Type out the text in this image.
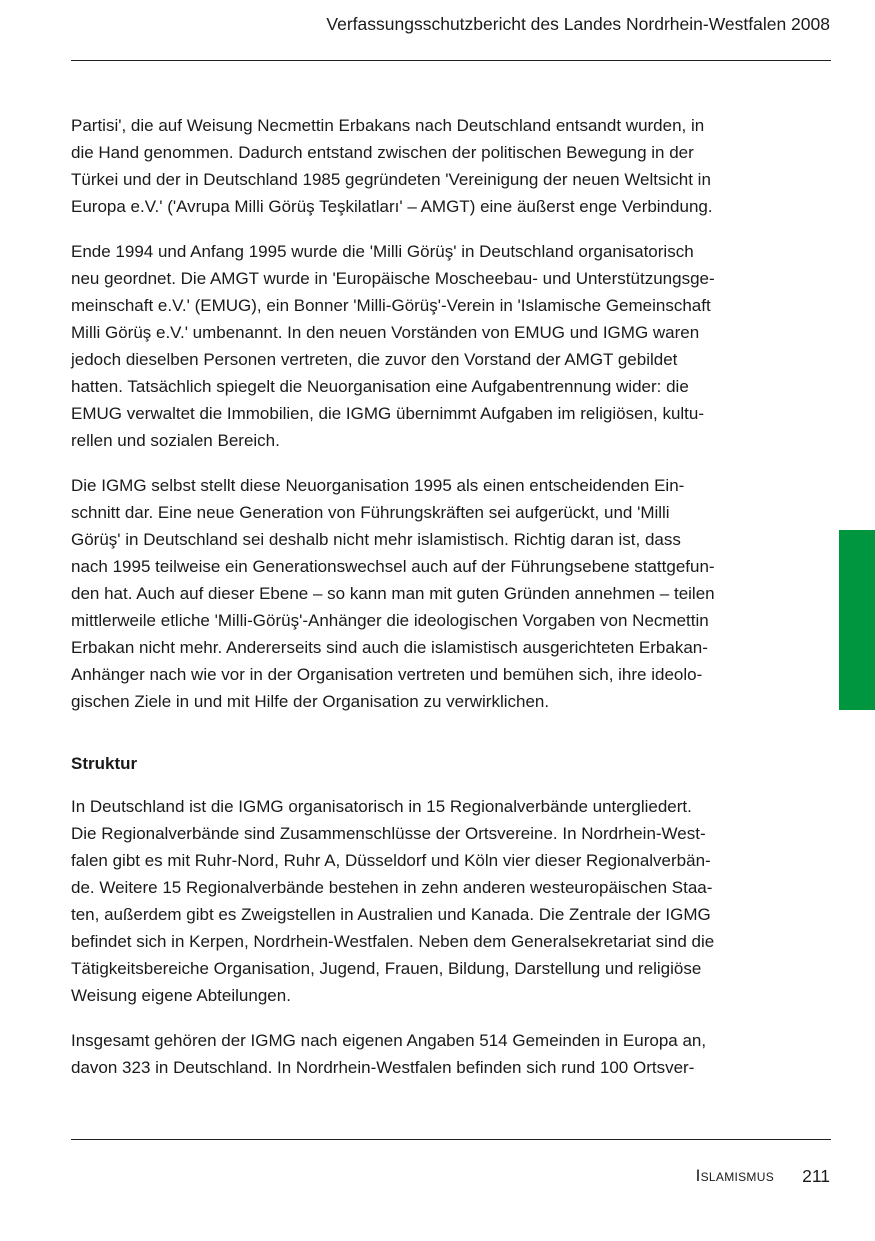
Verfassungsschutzbericht des Landes Nordrhein-Westfalen 2008

Partisi', die auf Weisung Necmettin Erbakans nach Deutschland entsandt wurden, in
die Hand genommen. Dadurch entstand zwischen der politischen Bewegung in der
Türkei und der in Deutschland 1985 gegründeten 'Vereinigung der neuen Weltsicht in
Europa e.V.' ('Avrupa Milli Görüş Teşkilatları' – AMGT) eine äußerst enge Verbindung.

Ende 1994 und Anfang 1995 wurde die 'Milli Görüş' in Deutschland organisatorisch
neu geordnet. Die AMGT wurde in 'Europäische Moscheebau- und Unterstützungsge-
meinschaft e.V.' (EMUG), ein Bonner 'Milli-Görüş'-Verein in 'Islamische Gemeinschaft
Milli Görüş e.V.' umbenannt. In den neuen Vorständen von EMUG und IGMG waren
jedoch dieselben Personen vertreten, die zuvor den Vorstand der AMGT gebildet
hatten. Tatsächlich spiegelt die Neuorganisation eine Aufgabentrennung wider: die
EMUG verwaltet die Immobilien, die IGMG übernimmt Aufgaben im religiösen, kultu-
rellen und sozialen Bereich.

Die IGMG selbst stellt diese Neuorganisation 1995 als einen entscheidenden Ein-
schnitt dar. Eine neue Generation von Führungskräften sei aufgerückt, und 'Milli
Görüş' in Deutschland sei deshalb nicht mehr islamistisch. Richtig daran ist, dass
nach 1995 teilweise ein Generationswechsel auch auf der Führungsebene stattgefun-
den hat. Auch auf dieser Ebene – so kann man mit guten Gründen annehmen – teilen
mittlerweile etliche 'Milli-Görüş'-Anhänger die ideologischen Vorgaben von Necmettin
Erbakan nicht mehr. Andererseits sind auch die islamistisch ausgerichteten Erbakan-
Anhänger nach wie vor in der Organisation vertreten und bemühen sich, ihre ideolo-
gischen Ziele in und mit Hilfe der Organisation zu verwirklichen.

Struktur

In Deutschland ist die IGMG organisatorisch in 15 Regionalverbände untergliedert.
Die Regionalverbände sind Zusammenschlüsse der Ortsvereine. In Nordrhein-West-
falen gibt es mit Ruhr-Nord, Ruhr A, Düsseldorf und Köln vier dieser Regionalverbän-
de. Weitere 15 Regionalverbände bestehen in zehn anderen westeuropäischen Staa-
ten, außerdem gibt es Zweigstellen in Australien und Kanada. Die Zentrale der IGMG
befindet sich in Kerpen, Nordrhein-Westfalen. Neben dem Generalsekretariat sind die
Tätigkeitsbereiche Organisation, Jugend, Frauen, Bildung, Darstellung und religiöse
Weisung eigene Abteilungen.

Insgesamt gehören der IGMG nach eigenen Angaben 514 Gemeinden in Europa an,
davon 323 in Deutschland. In Nordrhein-Westfalen befinden sich rund 100 Ortsver-

Islamismus 211
